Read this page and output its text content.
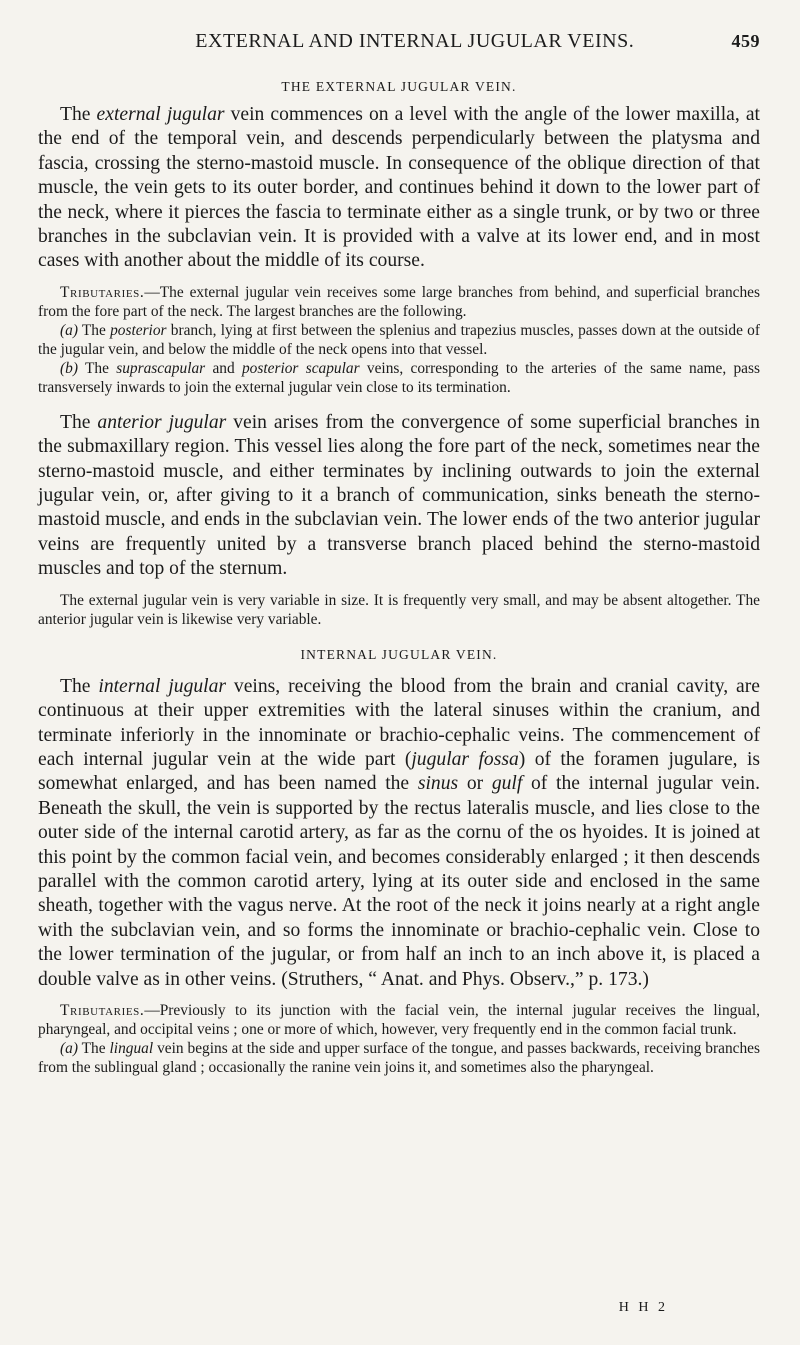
EXTERNAL AND INTERNAL JUGULAR VEINS.	459
THE EXTERNAL JUGULAR VEIN.

The external jugular vein commences on a level with the angle of the lower maxilla, at the end of the temporal vein, and descends perpendicularly between the platysma and fascia, crossing the sterno-mastoid muscle. In consequence of the oblique direction of that muscle, the vein gets to its outer border, and continues behind it down to the lower part of the neck, where it pierces the fascia to terminate either as a single trunk, or by two or three branches in the subclavian vein. It is provided with a valve at its lower end, and in most cases with another about the middle of its course.

Tributaries.—The external jugular vein receives some large branches from behind, and superficial branches from the fore part of the neck. The largest branches are the following.

(a) The posterior branch, lying at first between the splenius and trapezius muscles, passes down at the outside of the jugular vein, and below the middle of the neck opens into that vessel.

(b) The suprascapular and posterior scapular veins, corresponding to the arteries of the same name, pass transversely inwards to join the external jugular vein close to its termination.

The anterior jugular vein arises from the convergence of some superficial branches in the submaxillary region. This vessel lies along the fore part of the neck, sometimes near the sterno-mastoid muscle, and either terminates by inclining outwards to join the external jugular vein, or, after giving to it a branch of communication, sinks beneath the sterno-mastoid muscle, and ends in the subclavian vein. The lower ends of the two anterior jugular veins are frequently united by a transverse branch placed behind the sterno-mastoid muscles and top of the sternum.

The external jugular vein is very variable in size. It is frequently very small, and may be absent altogether. The anterior jugular vein is likewise very variable.

INTERNAL JUGULAR VEIN.

The internal jugular veins, receiving the blood from the brain and cranial cavity, are continuous at their upper extremities with the lateral sinuses within the cranium, and terminate inferiorly in the innominate or brachio-cephalic veins. The commencement of each internal jugular vein at the wide part (jugular fossa) of the foramen jugulare, is somewhat enlarged, and has been named the sinus or gulf of the internal jugular vein. Beneath the skull, the vein is supported by the rectus lateralis muscle, and lies close to the outer side of the internal carotid artery, as far as the cornu of the os hyoides. It is joined at this point by the common facial vein, and becomes considerably enlarged ; it then descends parallel with the common carotid artery, lying at its outer side and enclosed in the same sheath, together with the vagus nerve. At the root of the neck it joins nearly at a right angle with the subclavian vein, and so forms the innominate or brachio-cephalic vein. Close to the lower termination of the jugular, or from half an inch to an inch above it, is placed a double valve as in other veins. (Struthers, “ Anat. and Phys. Observ.,” p. 173.)

Tributaries.—Previously to its junction with the facial vein, the internal jugular receives the lingual, pharyngeal, and occipital veins ; one or more of which, however, very frequently end in the common facial trunk.

(a) The lingual vein begins at the side and upper surface of the tongue, and passes backwards, receiving branches from the sublingual gland ; occasionally the ranine vein joins it, and sometimes also the pharyngeal.

H H 2
